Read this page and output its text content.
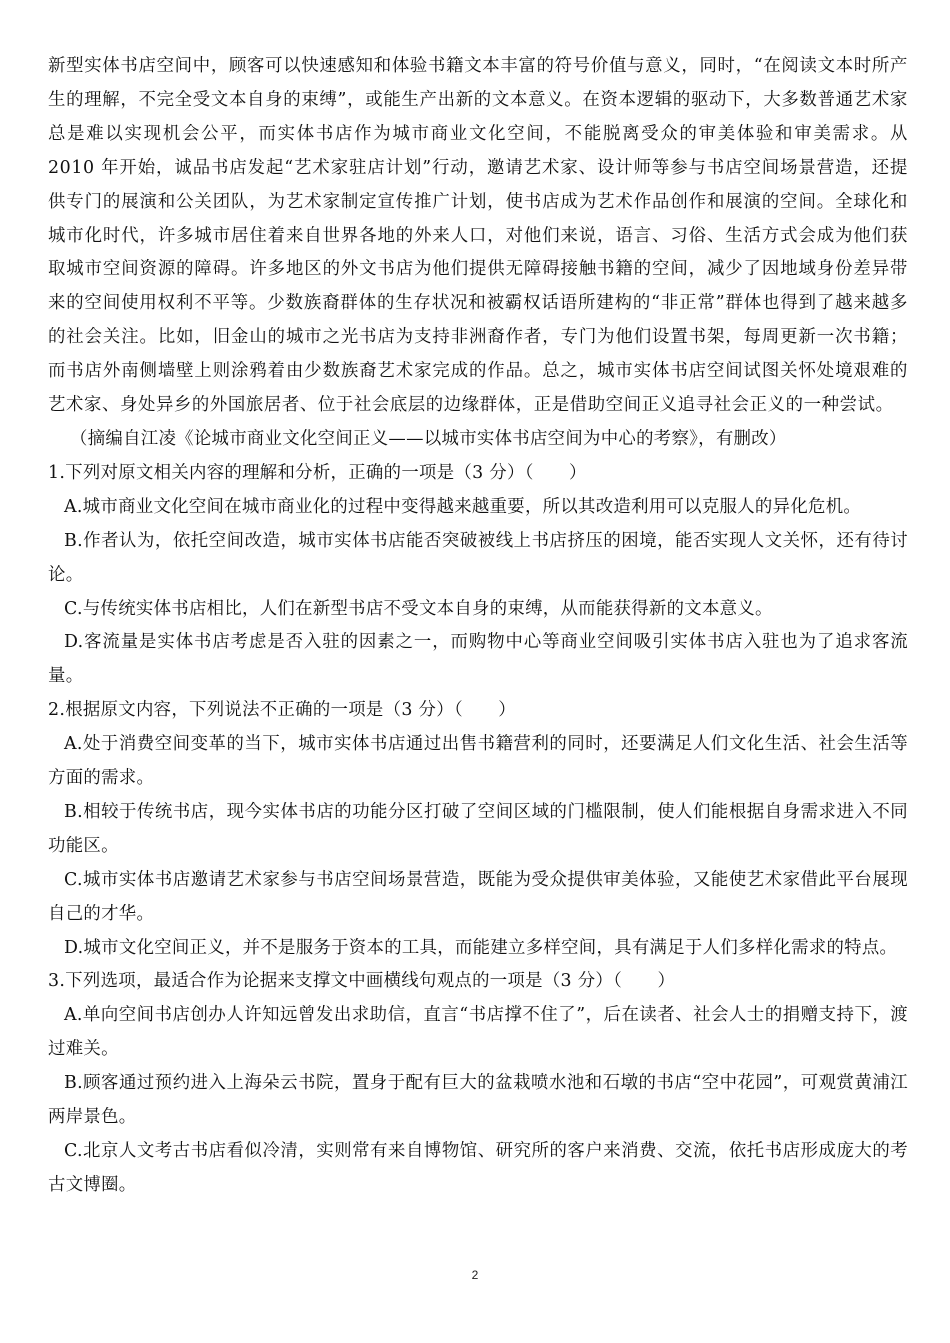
新型实体书店空间中，顾客可以快速感知和体验书籍文本丰富的符号价值与意义，同时，“在阅读文本时所产生的理解，不完全受文本自身的束缚”，或能生产出新的文本意义。在资本逻辑的驱动下，大多数普通艺术家总是难以实现机会公平，而实体书店作为城市商业文化空间，不能脱离受众的审美体验和审美需求。从 2010 年开始，诚品书店发起“艺术家驻店计划”行动，邀请艺术家、设计师等参与书店空间场景营造，还提供专门的展演和公关团队，为艺术家制定宣传推广计划，使书店成为艺术作品创作和展演的空间。全球化和城市化时代，许多城市居住着来自世界各地的外来人口，对他们来说，语言、习俗、生活方式会成为他们获取城市空间资源的障碍。许多地区的外文书店为他们提供无障碍接触书籍的空间，减少了因地域身份差异带来的空间使用权利不平等。少数族裔群体的生存状况和被霸权话语所建构的“非正常”群体也得到了越来越多的社会关注。比如，旧金山的城市之光书店为支持非洲裔作者，专门为他们设置书架，每周更新一次书籍；而书店外南侧墙壁上则涂鸦着由少数族裔艺术家完成的作品。总之，城市实体书店空间试图关怀处境艰难的艺术家、身处异乡的外国旅居者、位于社会底层的边缘群体，正是借助空间正义追寻社会正义的一种尝试。

（摘编自江凌《论城市商业文化空间正义——以城市实体书店空间为中心的考察》，有删改）

1.下列对原文相关内容的理解和分析，正确的一项是（3 分）（　　）

A.城市商业文化空间在城市商业化的过程中变得越来越重要，所以其改造利用可以克服人的异化危机。

B.作者认为，依托空间改造，城市实体书店能否突破被线上书店挤压的困境，能否实现人文关怀，还有待讨论。

C.与传统实体书店相比，人们在新型书店不受文本自身的束缚，从而能获得新的文本意义。

D.客流量是实体书店考虑是否入驻的因素之一，而购物中心等商业空间吸引实体书店入驻也为了追求客流量。

2.根据原文内容，下列说法不正确的一项是（3 分）（　　）

A.处于消费空间变革的当下，城市实体书店通过出售书籍营利的同时，还要满足人们文化生活、社会生活等方面的需求。

B.相较于传统书店，现今实体书店的功能分区打破了空间区域的门槛限制，使人们能根据自身需求进入不同功能区。

C.城市实体书店邀请艺术家参与书店空间场景营造，既能为受众提供审美体验，又能使艺术家借此平台展现自己的才华。

D.城市文化空间正义，并不是服务于资本的工具，而能建立多样空间，具有满足于人们多样化需求的特点。

3.下列选项，最适合作为论据来支撑文中画横线句观点的一项是（3 分）（　　）

A.单向空间书店创办人许知远曾发出求助信，直言“书店撑不住了”，后在读者、社会人士的捐赠支持下，渡过难关。

B.顾客通过预约进入上海朵云书院，置身于配有巨大的盆栽喷水池和石墩的书店“空中花园”，可观赏黄浦江两岸景色。

C.北京人文考古书店看似冷清，实则常有来自博物馆、研究所的客户来消费、交流，依托书店形成庞大的考古文博圈。

2
